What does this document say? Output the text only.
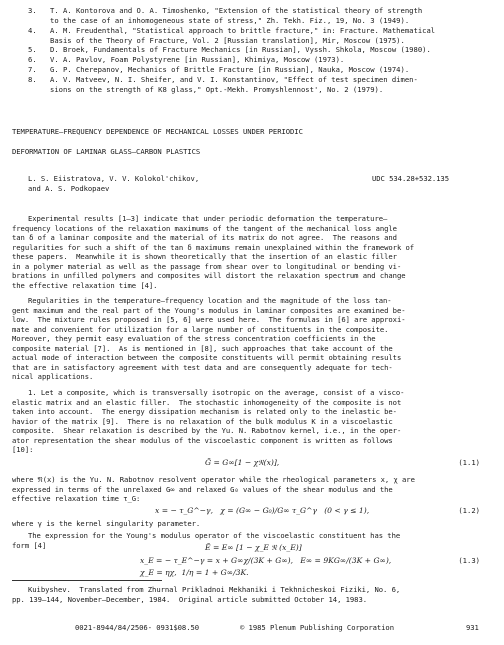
3. T. A. Kontorova and O. A. Timoshenko, "Extension of the statistical theory of strength
to the case of an inhomogeneous state of stress," Zh. Tekh. Fiz., 19, No. 3 (1949).
4. A. M. Freudenthal, "Statistical approach to brittle fracture," in: Fracture. Mathematical
Basis of the Theory of Fracture, Vol. 2 [Russian translation], Mir, Moscow (1975).
5. D. Broek, Fundamentals of Fracture Mechanics [in Russian], Vyssh. Shkola, Moscow (1980).
6. V. A. Pavlov, Foam Polystyrene [in Russian], Khimiya, Moscow (1973).
7. G. P. Cherepanov, Mechanics of Brittle Fracture [in Russian], Nauka, Moscow (1974).
8. A. V. Matveev, N. I. Sheifer, and V. I. Konstantinov, "Effect of test specimen dimen-
sions on the strength of K8 glass," Opt.-Mekh. Promyshlennost', No. 2 (1979).
TEMPERATURE–FREQUENCY DEPENDENCE OF MECHANICAL LOSSES UNDER PERIODIC
DEFORMATION OF LAMINAR GLASS–CARBON PLASTICS
L. S. Eiistratova, V. V. Kolokol'chikov,
and A. S. Podkopaev
UDC 534.28+532.135
Experimental results [1–3] indicate that under periodic deformation the temperature–
frequency locations of the relaxation maximums of the tangent of the mechanical loss angle
tan δ of a laminar composite and the material of its matrix do not agree.  The reasons and
regularities for such a shift of the tan δ maximums remain unexplained within the framework of
these papers.  Meanwhile it is shown theoretically that the insertion of an elastic filler
in a polymer material as well as the passage from shear over to longitudinal or bending vi-
brations in unfilled polymers and composites will distort the relaxation spectrum and change
the effective relaxation time [4].
Regularities in the temperature–frequency location and the magnitude of the loss tan-
gent maximum and the real part of the Young's modulus in laminar composites are examined be-
low.  The mixture rules proposed in [5, 6] were used here.  The formulas in [6] are approxi-
mate and convenient for utilization for a large number of constituents in the composite.
Moreover, they permit easy evaluation of the stress concentration coefficients in the
composite material [7].  As is mentioned in [8], such approaches that take account of the
actual mode of interaction between the composite constituents will permit obtaining results
that are in satisfactory agreement with test data and are consequently adequate for tech-
nical applications.
1. Let a composite, which is transversally isotropic on the average, consist of a visco-
elastic matrix and an elastic filler.  The stochastic inhomogeneity of the composite is not
taken into account.  The energy dissipation mechanism is related only to the inelastic be-
havior of the matrix [9].  There is no relaxation of the bulk modulus K in a viscoelastic
composite.  Shear relaxation is described by the Yu. N. Rabotnov kernel, i.e., in the oper-
ator representation the shear modulus of the viscoelastic component is written as follows
[10]:
G̃ = G∞[1 − χ𝔑(x)],	(1.1)
where 𝔑(x) is the Yu. N. Rabotnov resolvent operator while the rheological parameters x, χ are
expressed in terms of the unrelaxed G∞ and relaxed G₀ values of the shear modulus and the
effective relaxation time τ_G:
x = − τ_G^−γ,   χ = (G∞ − G₀)/G∞ τ_G^γ   (0 < γ ≤ 1),	(1.2)
where γ is the kernel singularity parameter.
The expression for the Young's modulus operator of the viscoelastic constituent has the
form [4]	Ẽ = E∞ [1 − χ_E 𝔑 (x_E)]
x_E = − τ_E^−γ = x + G∞χ/(3K + G∞),   E∞ = 9KG∞/(3K + G∞),	(1.3)
χ_E = ηχ,  1/η = 1 + G∞/3K.
Kuibyshev.  Translated from Zhurnal Prikladnoi Mekhaniki i Tekhnicheskoi Fiziki, No. 6,
pp. 139–144, November–December, 1984.  Original article submitted October 14, 1983.
0021-8944/84/2506- 0931$08.50	© 1985 Plenum Publishing Corporation	931
